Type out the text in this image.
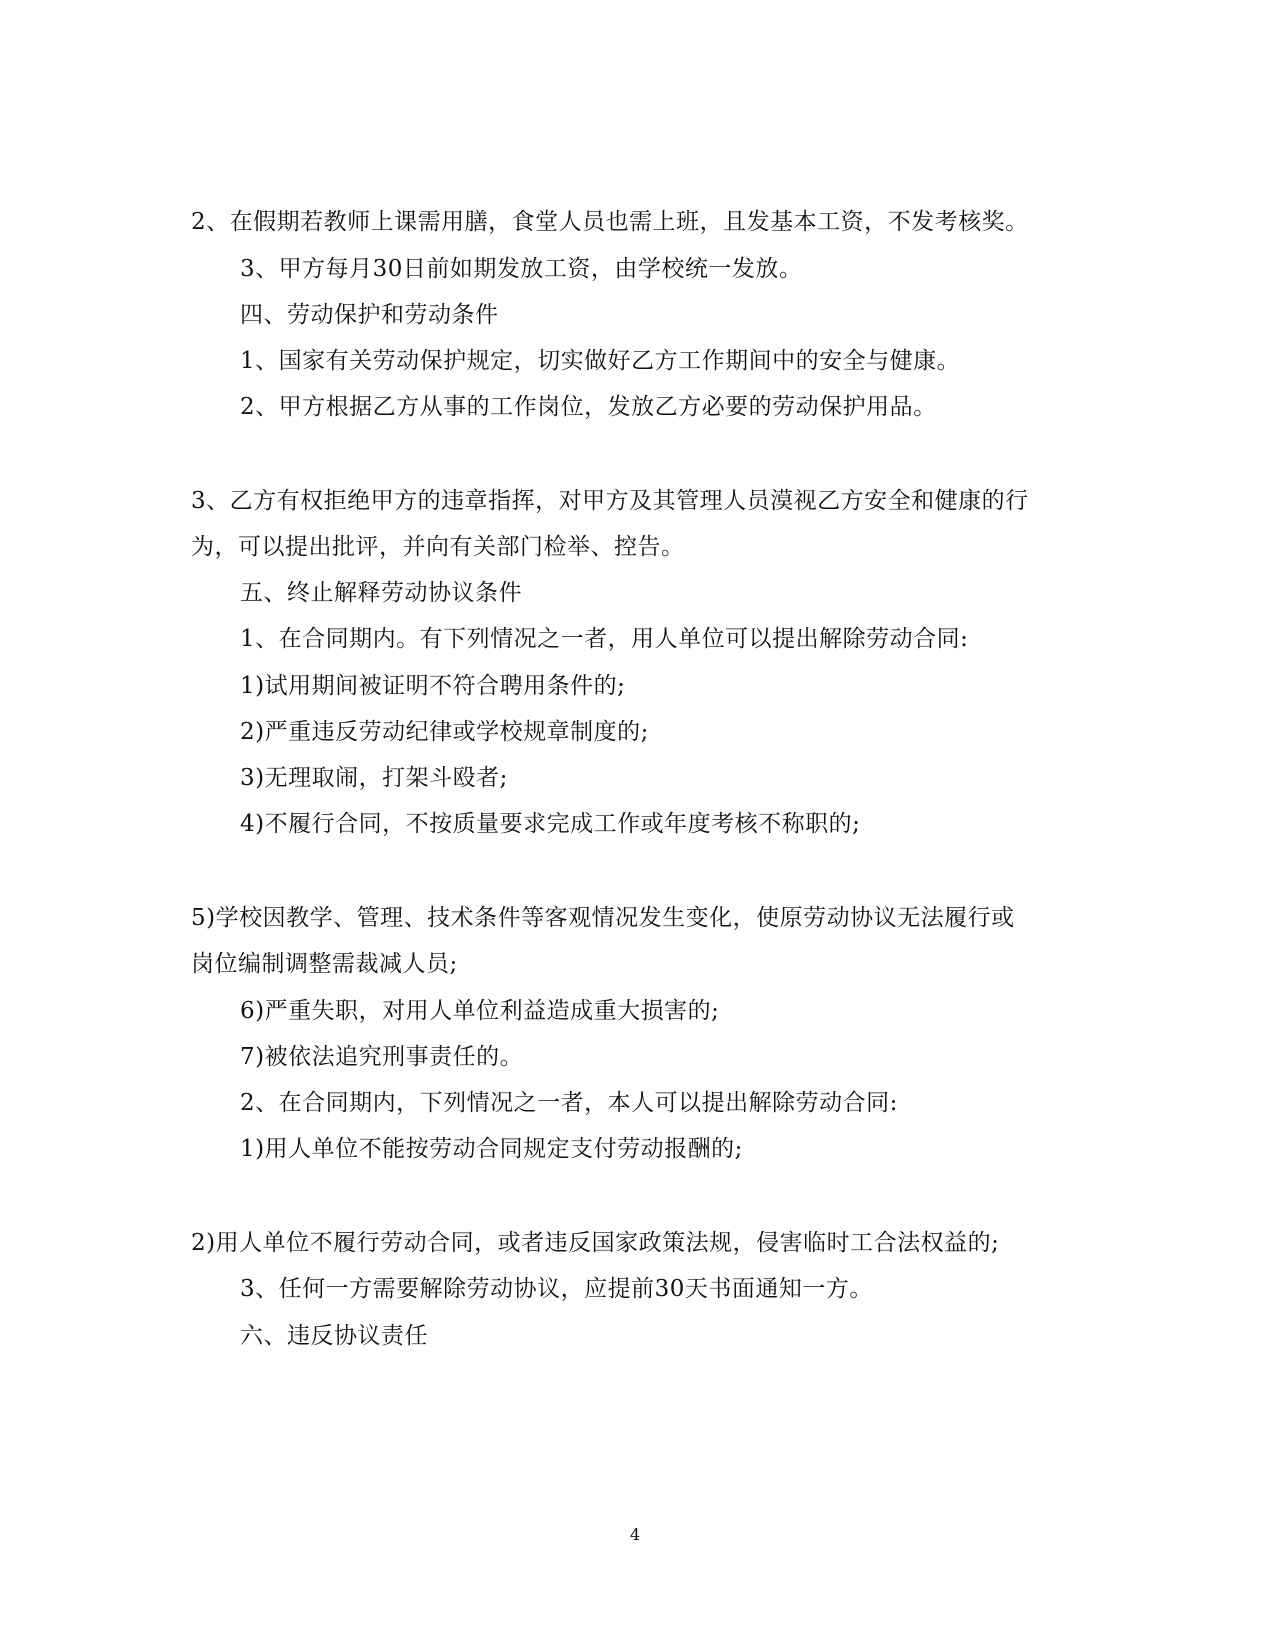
2、在假期若教师上课需用膳，食堂人员也需上班，且发基本工资，不发考核奖。
3、甲方每月30日前如期发放工资，由学校统一发放。
四、劳动保护和劳动条件
1、国家有关劳动保护规定，切实做好乙方工作期间中的安全与健康。
2、甲方根据乙方从事的工作岗位，发放乙方必要的劳动保护用品。
3、乙方有权拒绝甲方的违章指挥，对甲方及其管理人员漠视乙方安全和健康的行
为，可以提出批评，并向有关部门检举、控告。
五、终止解释劳动协议条件
1、在合同期内。有下列情况之一者，用人单位可以提出解除劳动合同:
1)试用期间被证明不符合聘用条件的;
2)严重违反劳动纪律或学校规章制度的;
3)无理取闹，打架斗殴者;
4)不履行合同，不按质量要求完成工作或年度考核不称职的;
5)学校因教学、管理、技术条件等客观情况发生变化，使原劳动协议无法履行或
岗位编制调整需裁减人员;
6)严重失职，对用人单位利益造成重大损害的;
7)被依法追究刑事责任的。
2、在合同期内，下列情况之一者，本人可以提出解除劳动合同:
1)用人单位不能按劳动合同规定支付劳动报酬的;
2)用人单位不履行劳动合同，或者违反国家政策法规，侵害临时工合法权益的;
3、任何一方需要解除劳动协议，应提前30天书面通知一方。
六、违反协议责任
4
